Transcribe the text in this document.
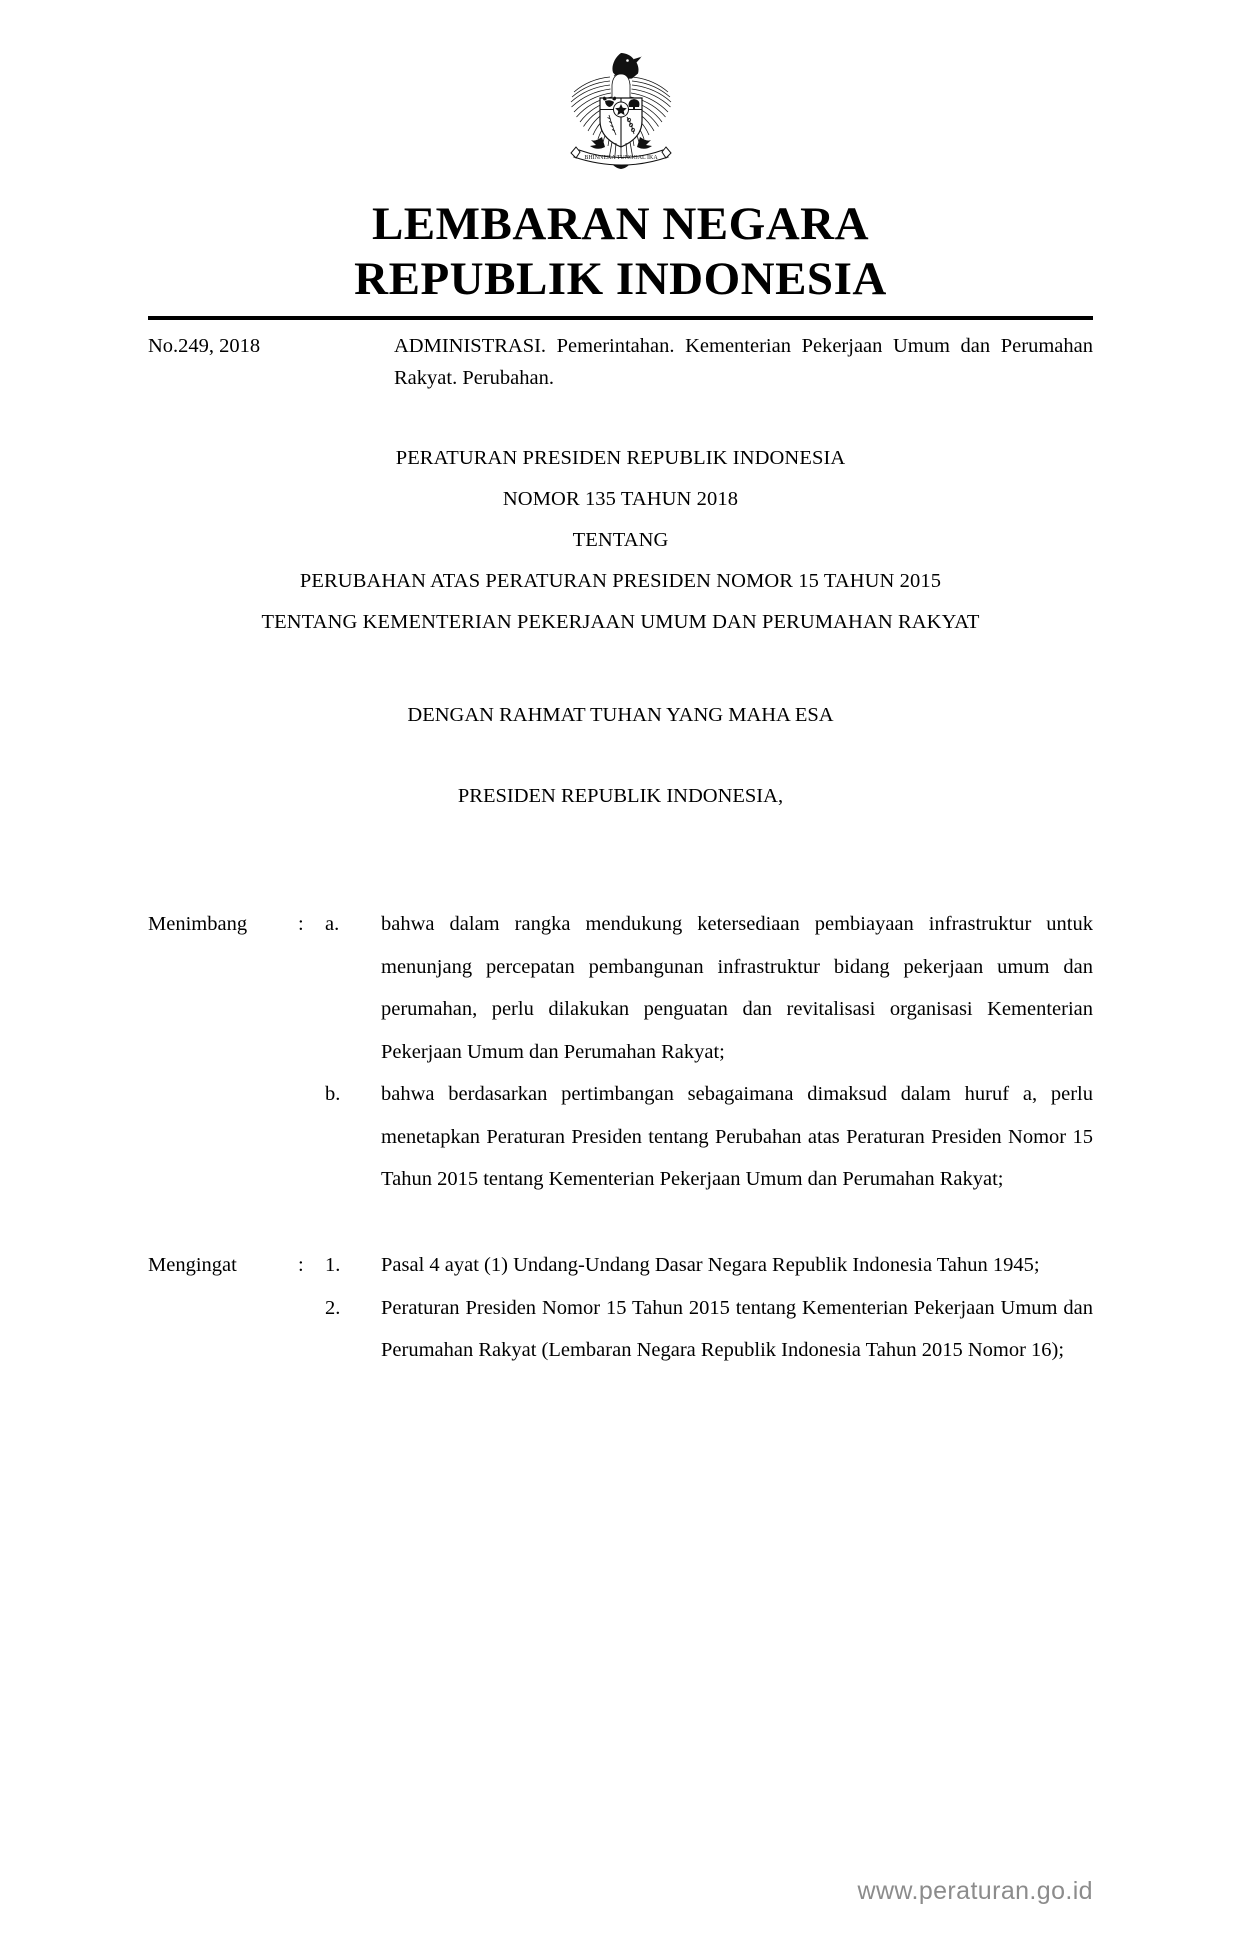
BHINNEKA TUNGGAL IKA
LEMBARAN NEGARA
REPUBLIK INDONESIA
No.249, 2018	ADMINISTRASI. Pemerintahan. Kementerian Pekerjaan Umum dan Perumahan Rakyat. Perubahan.
PERATURAN PRESIDEN REPUBLIK INDONESIA
NOMOR 135 TAHUN 2018
TENTANG
PERUBAHAN ATAS PERATURAN PRESIDEN NOMOR 15 TAHUN 2015
TENTANG KEMENTERIAN PEKERJAAN UMUM DAN PERUMAHAN RAKYAT
DENGAN RAHMAT TUHAN YANG MAHA ESA
PRESIDEN REPUBLIK INDONESIA,
Menimbang	:	a.	bahwa dalam rangka mendukung ketersediaan pembiayaan infrastruktur untuk menunjang percepatan pembangunan infrastruktur bidang pekerjaan umum dan perumahan, perlu dilakukan penguatan dan revitalisasi organisasi Kementerian Pekerjaan Umum dan Perumahan Rakyat;
b.	bahwa berdasarkan pertimbangan sebagaimana dimaksud dalam huruf a, perlu menetapkan Peraturan Presiden tentang Perubahan atas Peraturan Presiden Nomor 15 Tahun 2015 tentang Kementerian Pekerjaan Umum dan Perumahan Rakyat;
Mengingat	:	1.	Pasal 4 ayat (1) Undang-Undang Dasar Negara Republik Indonesia Tahun 1945;
2.	Peraturan Presiden Nomor 15 Tahun 2015 tentang Kementerian Pekerjaan Umum dan Perumahan Rakyat (Lembaran Negara Republik Indonesia Tahun 2015 Nomor 16);
www.peraturan.go.id
